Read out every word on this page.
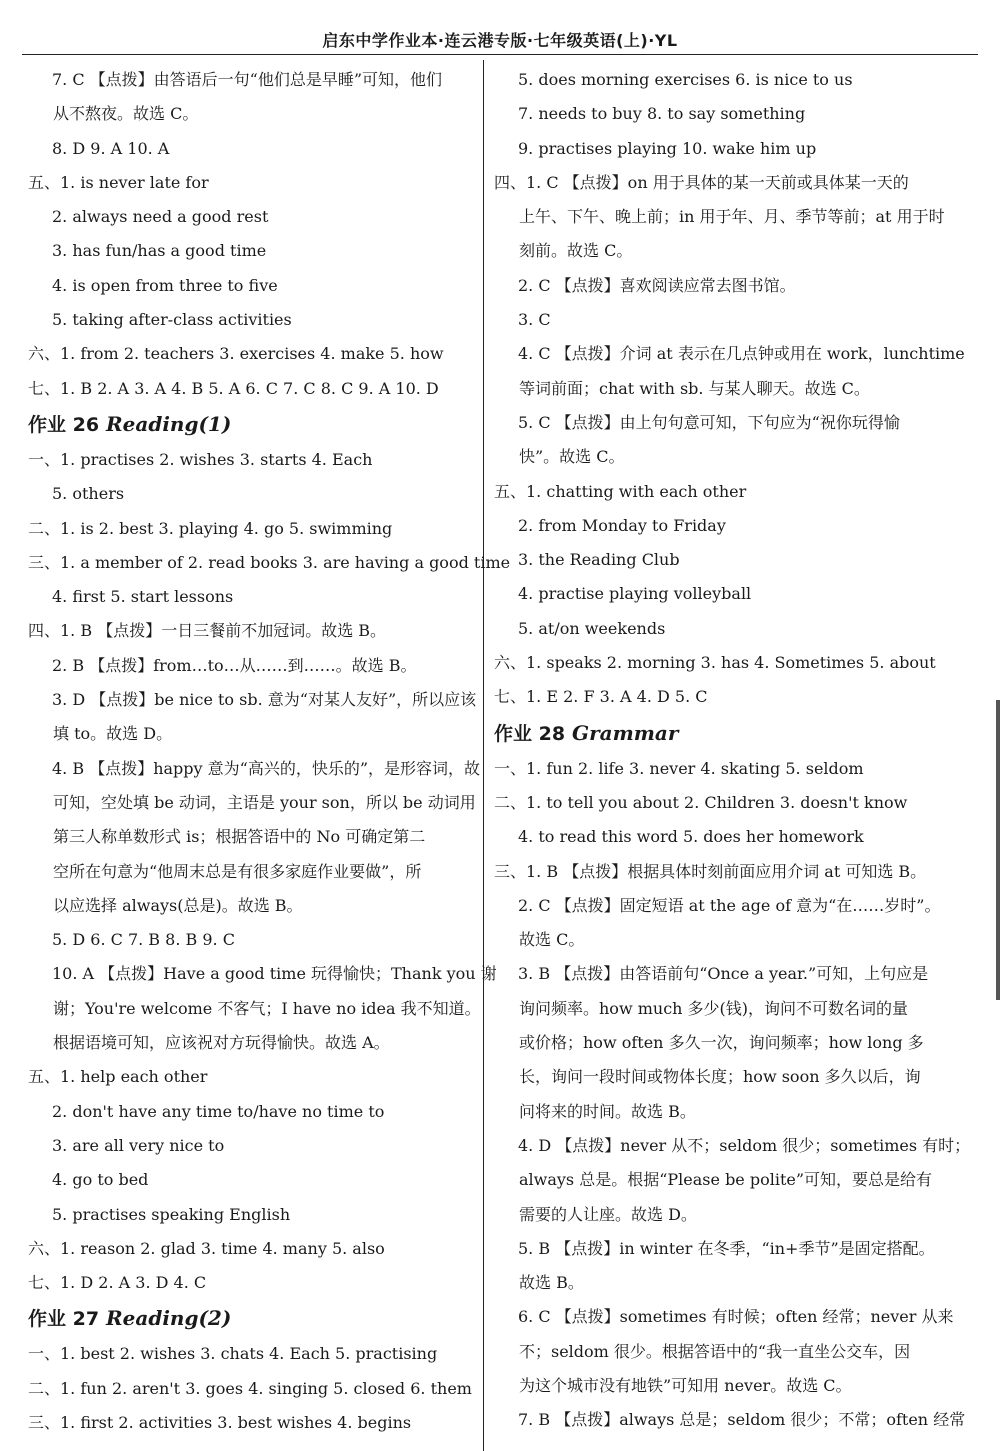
启东中学作业本·连云港专版·七年级英语(上)·YL
7. C 【点拨】由答语后一句“他们总是早睡”可知，他们
从不熬夜。故选 C。
8. D 9. A 10. A
五、1. is never late for
2. always need a good rest
3. has fun/has a good time
4. is open from three to five
5. taking after-class activities
六、1. from 2. teachers 3. exercises 4. make 5. how
七、1. B 2. A 3. A 4. B 5. A 6. C 7. C 8. C 9. A 10. D
作业 26 Reading(1)
一、1. practises 2. wishes 3. starts 4. Each
5. others
二、1. is 2. best 3. playing 4. go 5. swimming
三、1. a member of 2. read books 3. are having a good time
4. first 5. start lessons
四、1. B 【点拨】一日三餐前不加冠词。故选 B。
2. B 【点拨】from…to…从……到……。故选 B。
3. D 【点拨】be nice to sb. 意为“对某人友好”，所以应该
填 to。故选 D。
4. B 【点拨】happy 意为“高兴的，快乐的”，是形容词，故
可知，空处填 be 动词，主语是 your son，所以 be 动词用
第三人称单数形式 is；根据答语中的 No 可确定第二
空所在句意为“他周末总是有很多家庭作业要做”，所
以应选择 always(总是)。故选 B。
5. D 6. C 7. B 8. B 9. C
10. A 【点拨】Have a good time 玩得愉快；Thank you 谢
谢；You're welcome 不客气；I have no idea 我不知道。
根据语境可知，应该祝对方玩得愉快。故选 A。
五、1. help each other
2. don't have any time to/have no time to
3. are all very nice to
4. go to bed
5. practises speaking English
六、1. reason 2. glad 3. time 4. many 5. also
七、1. D 2. A 3. D 4. C
作业 27 Reading(2)
一、1. best 2. wishes 3. chats 4. Each 5. practising
二、1. fun 2. aren't 3. goes 4. singing 5. closed 6. them
三、1. first 2. activities 3. best wishes 4. begins
5. does morning exercises 6. is nice to us
7. needs to buy 8. to say something
9. practises playing 10. wake him up
四、1. C 【点拨】on 用于具体的某一天前或具体某一天的
上午、下午、晚上前；in 用于年、月、季节等前；at 用于时
刻前。故选 C。
2. C 【点拨】喜欢阅读应常去图书馆。
3. C
4. C 【点拨】介词 at 表示在几点钟或用在 work，lunchtime
等词前面；chat with sb. 与某人聊天。故选 C。
5. C 【点拨】由上句句意可知，下句应为“祝你玩得愉
快”。故选 C。
五、1. chatting with each other
2. from Monday to Friday
3. the Reading Club
4. practise playing volleyball
5. at/on weekends
六、1. speaks 2. morning 3. has 4. Sometimes 5. about
七、1. E 2. F 3. A 4. D 5. C
作业 28 Grammar
一、1. fun 2. life 3. never 4. skating 5. seldom
二、1. to tell you about 2. Children 3. doesn't know
4. to read this word 5. does her homework
三、1. B 【点拨】根据具体时刻前面应用介词 at 可知选 B。
2. C 【点拨】固定短语 at the age of 意为“在……岁时”。
故选 C。
3. B 【点拨】由答语前句“Once a year.”可知，上句应是
询问频率。how much 多少(钱)，询问不可数名词的量
或价格；how often 多久一次，询问频率；how long 多
长，询问一段时间或物体长度；how soon 多久以后，询
问将来的时间。故选 B。
4. D 【点拨】never 从不；seldom 很少；sometimes 有时；
always 总是。根据“Please be polite”可知，要总是给有
需要的人让座。故选 D。
5. B 【点拨】in winter 在冬季，“in+季节”是固定搭配。
故选 B。
6. C 【点拨】sometimes 有时候；often 经常；never 从来
不；seldom 很少。根据答语中的“我一直坐公交车，因
为这个城市没有地铁”可知用 never。故选 C。
7. B 【点拨】always 总是；seldom 很少；不常；often 经常
